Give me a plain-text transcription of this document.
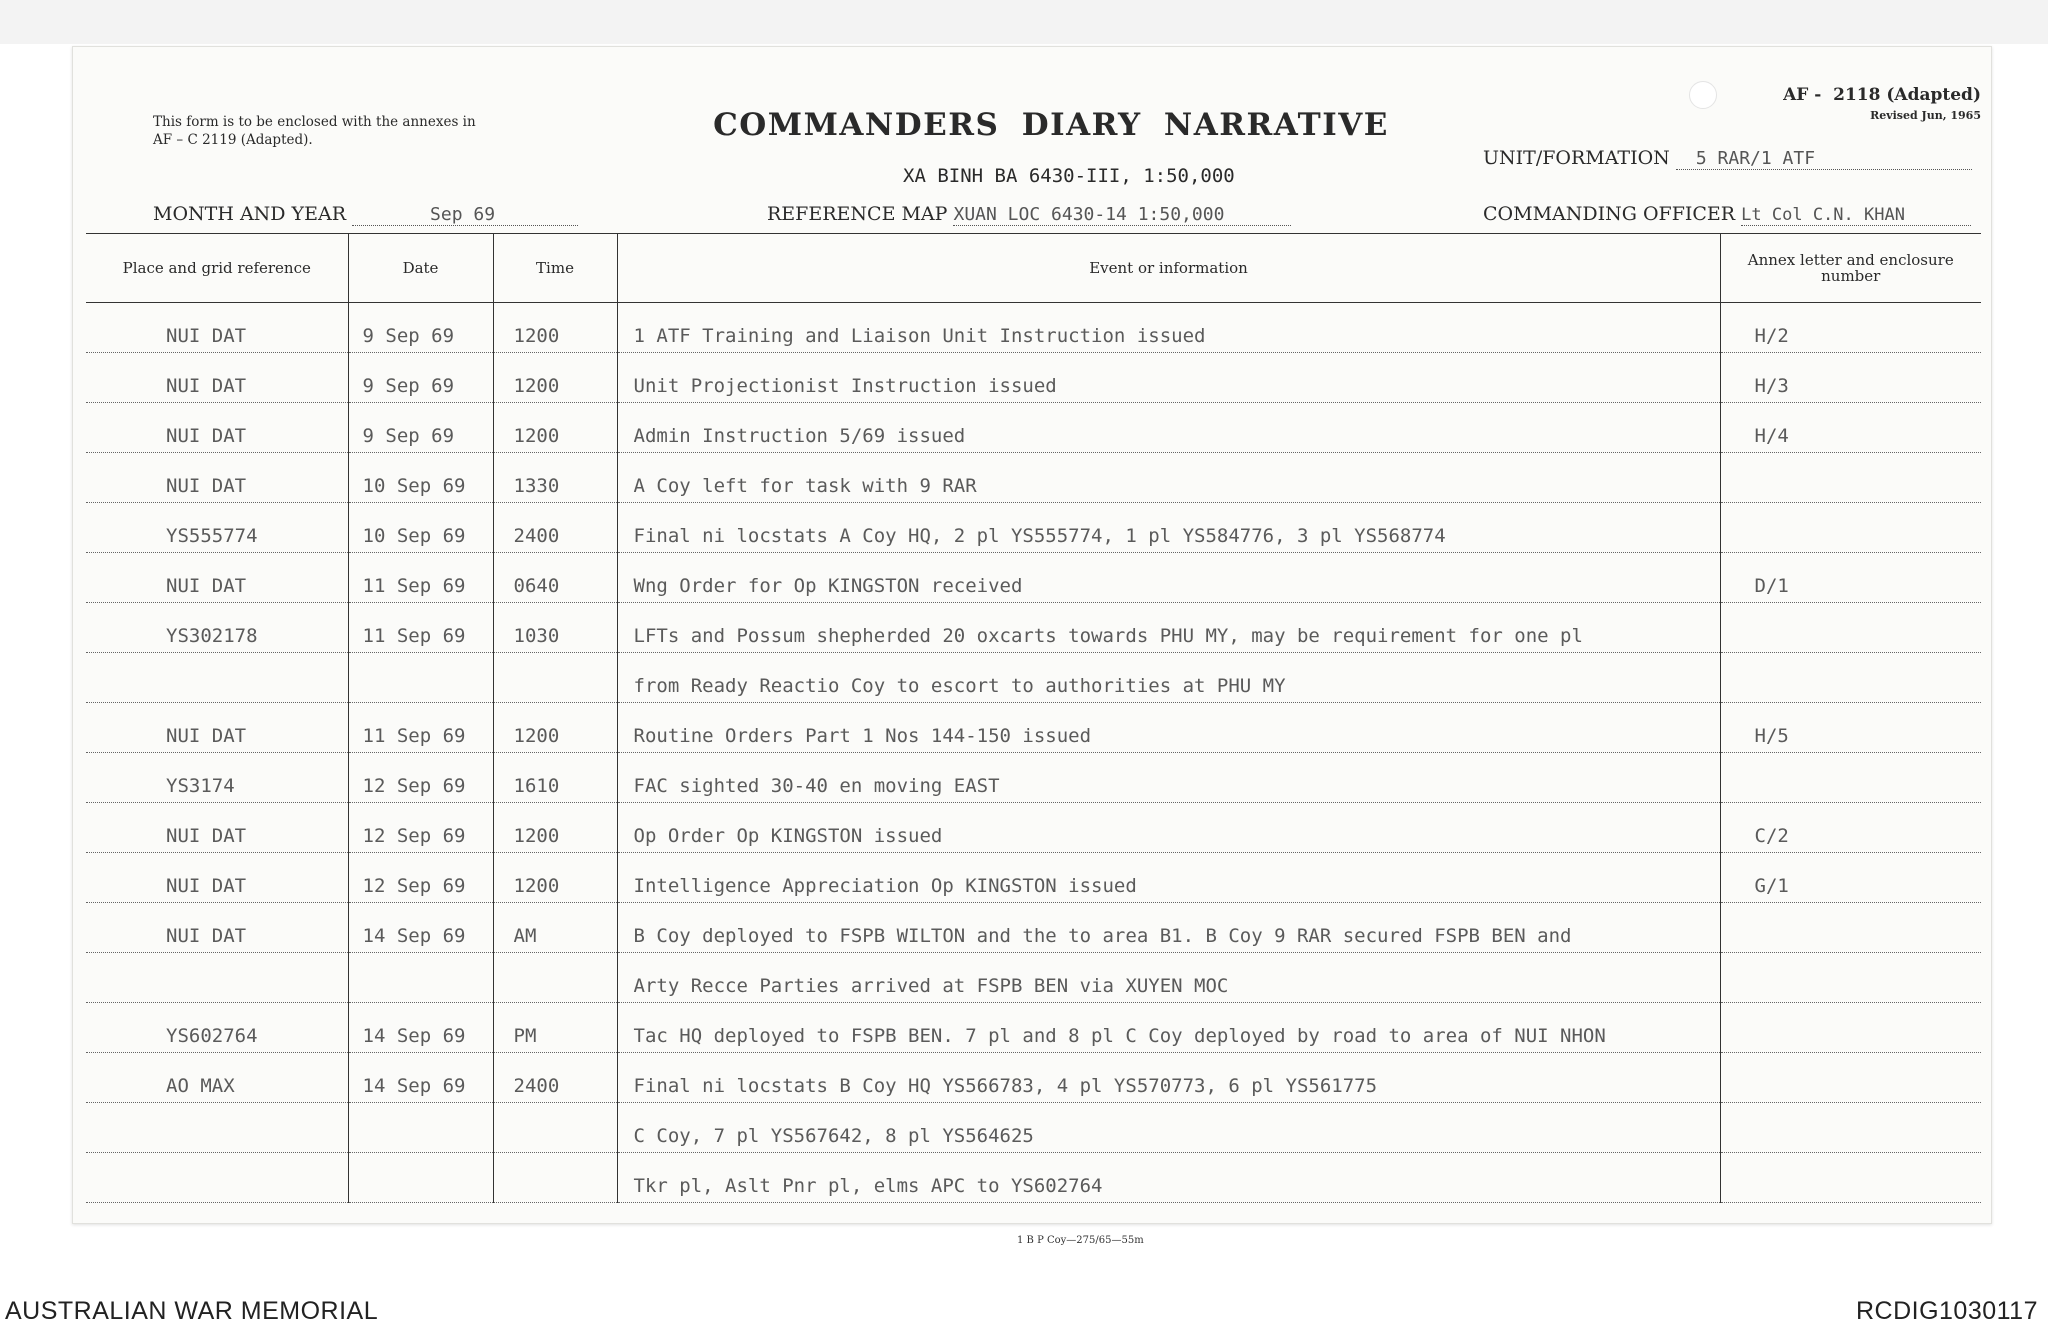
This form is to be enclosed with the annexes in AF – C 2119 (Adapted).	COMMANDERS DIARY NARRATIVE
AF -  2118 (Adapted)
Revised Jun, 1965
XA BINH BA 6430-III, 1:50,000
MONTH AND YEAR	Sep 69	REFERENCE MAP XUAN LOC 6430-14 1:50,000
UNIT/FORMATION 5 RAR/1 ATF
COMMANDING OFFICER Lt Col C.N. KHAN
Place and grid reference	Date	Time	Event or information	Annex letter and enclosure number
NUI DAT	9 Sep 69	1200	1 ATF Training and Liaison Unit Instruction issued	H/2
NUI DAT	9 Sep 69	1200	Unit Projectionist Instruction issued	H/3
NUI DAT	9 Sep 69	1200	Admin Instruction 5/69 issued	H/4
NUI DAT	10 Sep 69	1330	A Coy left for task with 9 RAR	
YS555774	10 Sep 69	2400	Final ni locstats A Coy HQ, 2 pl YS555774, 1 pl YS584776, 3 pl YS568774	
NUI DAT	11 Sep 69	0640	Wng Order for Op KINGSTON received	D/1
YS302178	11 Sep 69	1030	LFTs and Possum shepherded 20 oxcarts towards PHU MY, may be requirement for one pl	
			from Ready Reactio Coy to escort to authorities at PHU MY	
NUI DAT	11 Sep 69	1200	Routine Orders Part 1 Nos 144-150 issued	H/5
YS3174	12 Sep 69	1610	FAC sighted 30-40 en moving EAST	
NUI DAT	12 Sep 69	1200	Op Order Op KINGSTON issued	C/2
NUI DAT	12 Sep 69	1200	Intelligence Appreciation Op KINGSTON issued	G/1
NUI DAT	14 Sep 69	AM	B Coy deployed to FSPB WILTON and the to area B1. B Coy 9 RAR secured FSPB BEN and	
			Arty Recce Parties arrived at FSPB BEN via XUYEN MOC	
YS602764	14 Sep 69	PM	Tac HQ deployed to FSPB BEN. 7 pl and 8 pl C Coy deployed by road to area of NUI NHON	
AO MAX	14 Sep 69	2400	Final ni locstats B Coy HQ YS566783, 4 pl YS570773, 6 pl YS561775	
			C Coy, 7 pl YS567642, 8 pl YS564625	
			Tkr pl, Aslt Pnr pl, elms APC to YS602764	
1 B P Coy—275/65—55m
AUSTRALIAN WAR MEMORIAL	RCDIG1030117
